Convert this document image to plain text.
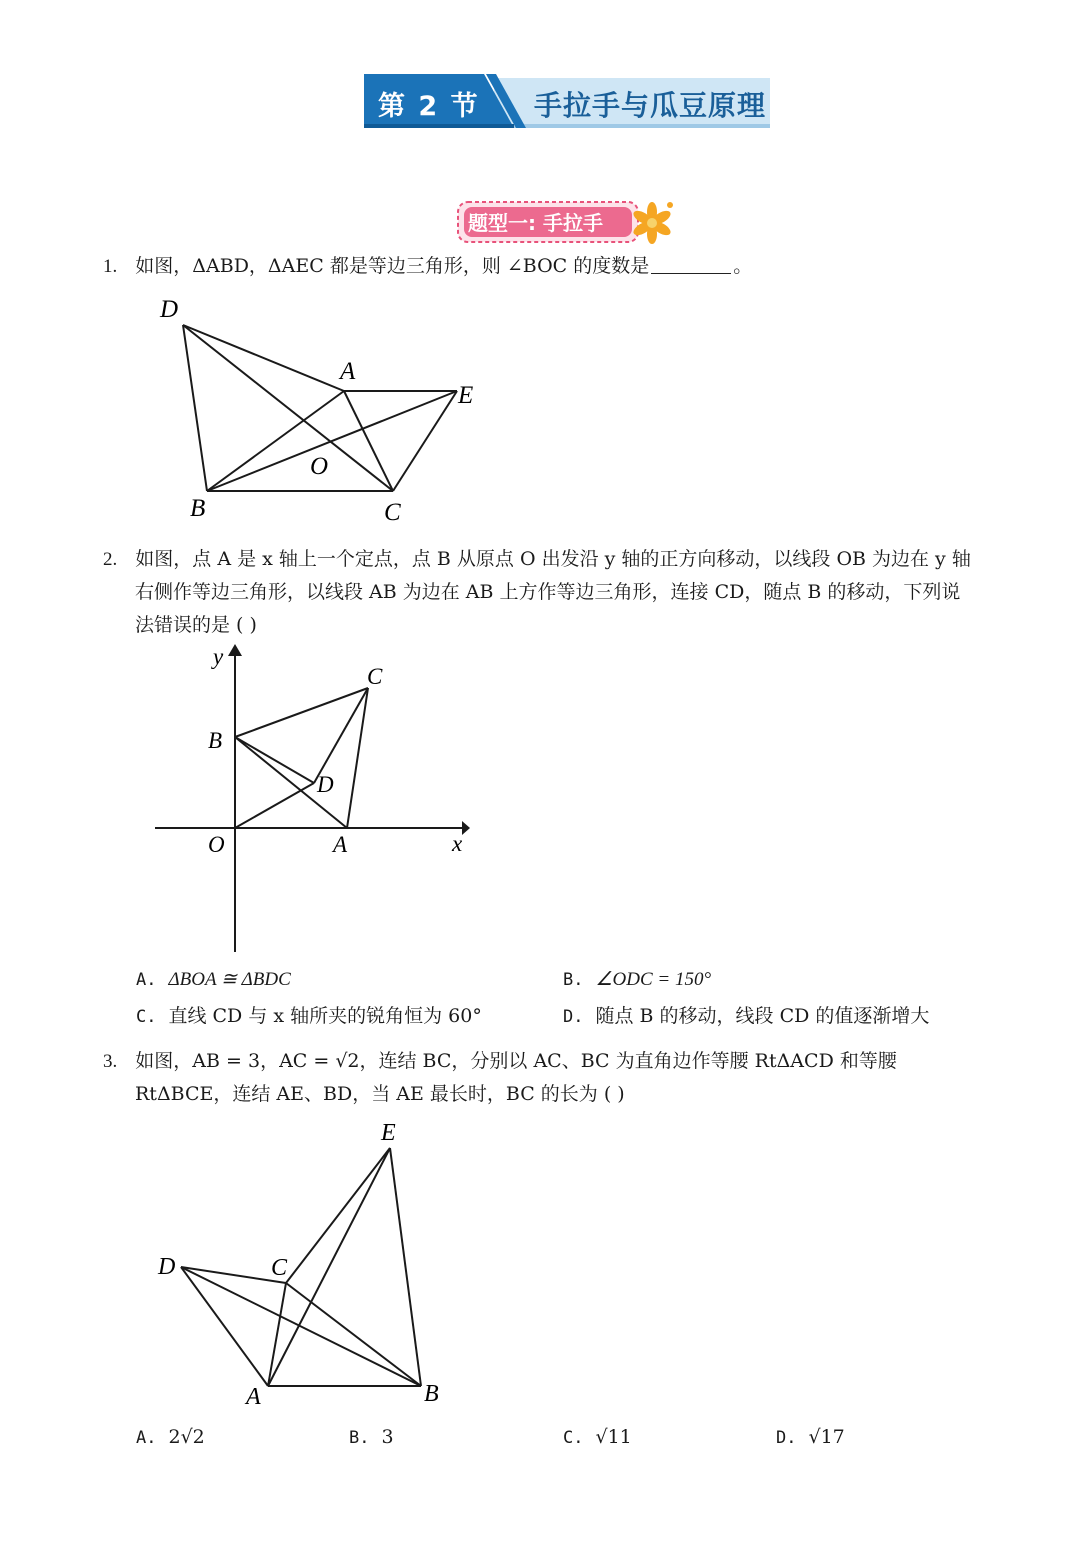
第 2 节	手拉手与瓜豆原理
题型一: 手拉手
1. 如图，ΔABD，ΔAEC 都是等边三角形，则 ∠BOC 的度数是	。
D
A
E
O
B	C
2. 如图，点 A 是 x 轴上一个定点，点 B 从原点 O 出发沿 y 轴的正方向移动，以线段 OB 为边在 y 轴
右侧作等边三角形，以线段 AB 为边在 AB 上方作等边三角形，连接 CD，随点 B 的移动，下列说
法错误的是 ( )
y
x
B
C
D
O	A
A. ΔBOA ≅ ΔBDC	B. ∠ODC = 150°
C. 直线 CD 与 x 轴所夹的锐角恒为 60°	D. 随点 B 的移动，线段 CD 的值逐渐增大
3. 如图，AB = 3，AC = √2，连结 BC，分别以 AC、BC 为直角边作等腰 RtΔACD 和等腰
RtΔBCE，连结 AE、BD，当 AE 最长时，BC 的长为 ( )
E
D	C
A	B
A. 2√2	B. 3	C. √11	D. √17
